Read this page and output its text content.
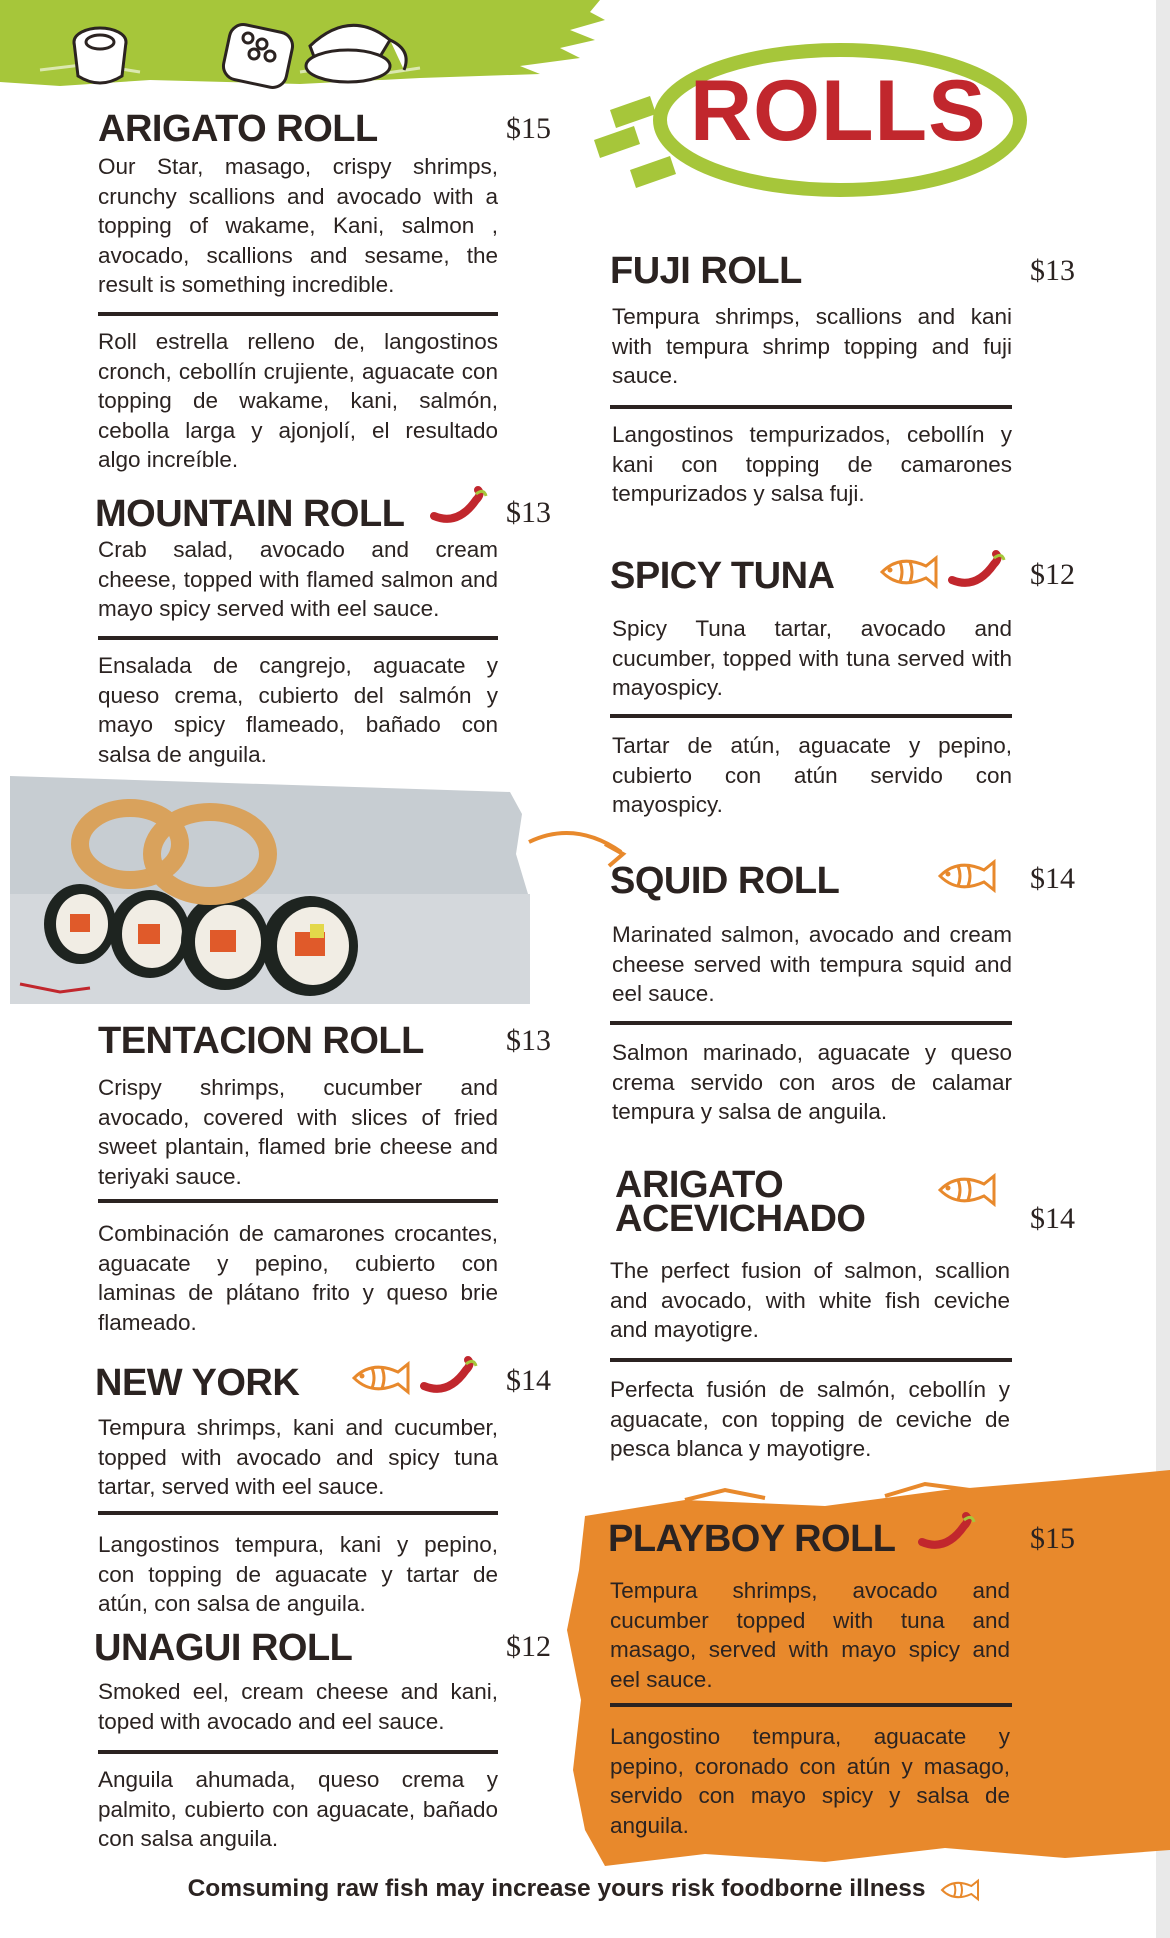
ROLLS
ARIGATO ROLL	$15
Our Star, masago, crispy shrimps, crunchy scallions and avocado with a topping of wakame, Kani, salmon , avocado, scallions and sesame, the result is something incredible.
Roll estrella relleno de, langostinos cronch, cebollín crujiente, aguacate con topping de wakame, kani, salmón, cebolla larga y ajonjolí, el resultado algo increíble.
MOUNTAIN ROLL	$13
Crab salad, avocado and cream cheese, topped with flamed salmon and mayo spicy served with eel sauce.
Ensalada de cangrejo, aguacate y queso crema, cubierto del salmón y mayo spicy flameado, bañado con salsa de anguila.
TENTACION ROLL	$13
Crispy shrimps, cucumber and avocado, covered with slices of fried sweet plantain, flamed brie cheese and teriyaki sauce.
Combinación de camarones crocantes, aguacate y pepino, cubierto con laminas de plátano frito y queso brie flameado.
NEW YORK	$14
Tempura shrimps, kani and cucumber, topped with avocado and spicy tuna tartar, served with eel sauce.
Langostinos tempura, kani y pepino, con topping de aguacate y tartar de atún, con salsa de anguila.
UNAGUI ROLL	$12
Smoked eel, cream cheese and kani, toped with avocado and eel sauce.
Anguila ahumada, queso crema y palmito, cubierto con aguacate, bañado con salsa anguila.
FUJI ROLL	$13
Tempura shrimps, scallions and kani with tempura shrimp topping and fuji sauce.
Langostinos tempurizados, cebollín y kani con topping de camarones tempurizados y salsa fuji.
SPICY TUNA	$12
Spicy Tuna tartar, avocado and cucumber, topped with tuna served with mayospicy.
Tartar de atún, aguacate y pepino, cubierto con atún servido con mayospicy.
SQUID ROLL	$14
Marinated salmon, avocado and cream cheese served with tempura squid and eel sauce.
Salmon marinado, aguacate y queso crema servido con aros de calamar tempura y salsa de anguila.
ARIGATO ACEVICHADO	$14
The perfect fusion of salmon, scallion and avocado, with white fish ceviche and mayotigre.
Perfecta fusión de salmón, cebollín y aguacate, con topping de ceviche de pesca blanca y mayotigre.
PLAYBOY ROLL	$15
Tempura shrimps, avocado and cucumber topped with tuna and masago, served with mayo spicy and eel sauce.
Langostino tempura, aguacate y pepino, coronado con atún y masago, servido con mayo spicy y salsa de anguila.
Comsuming raw fish may increase yours risk foodborne illness
